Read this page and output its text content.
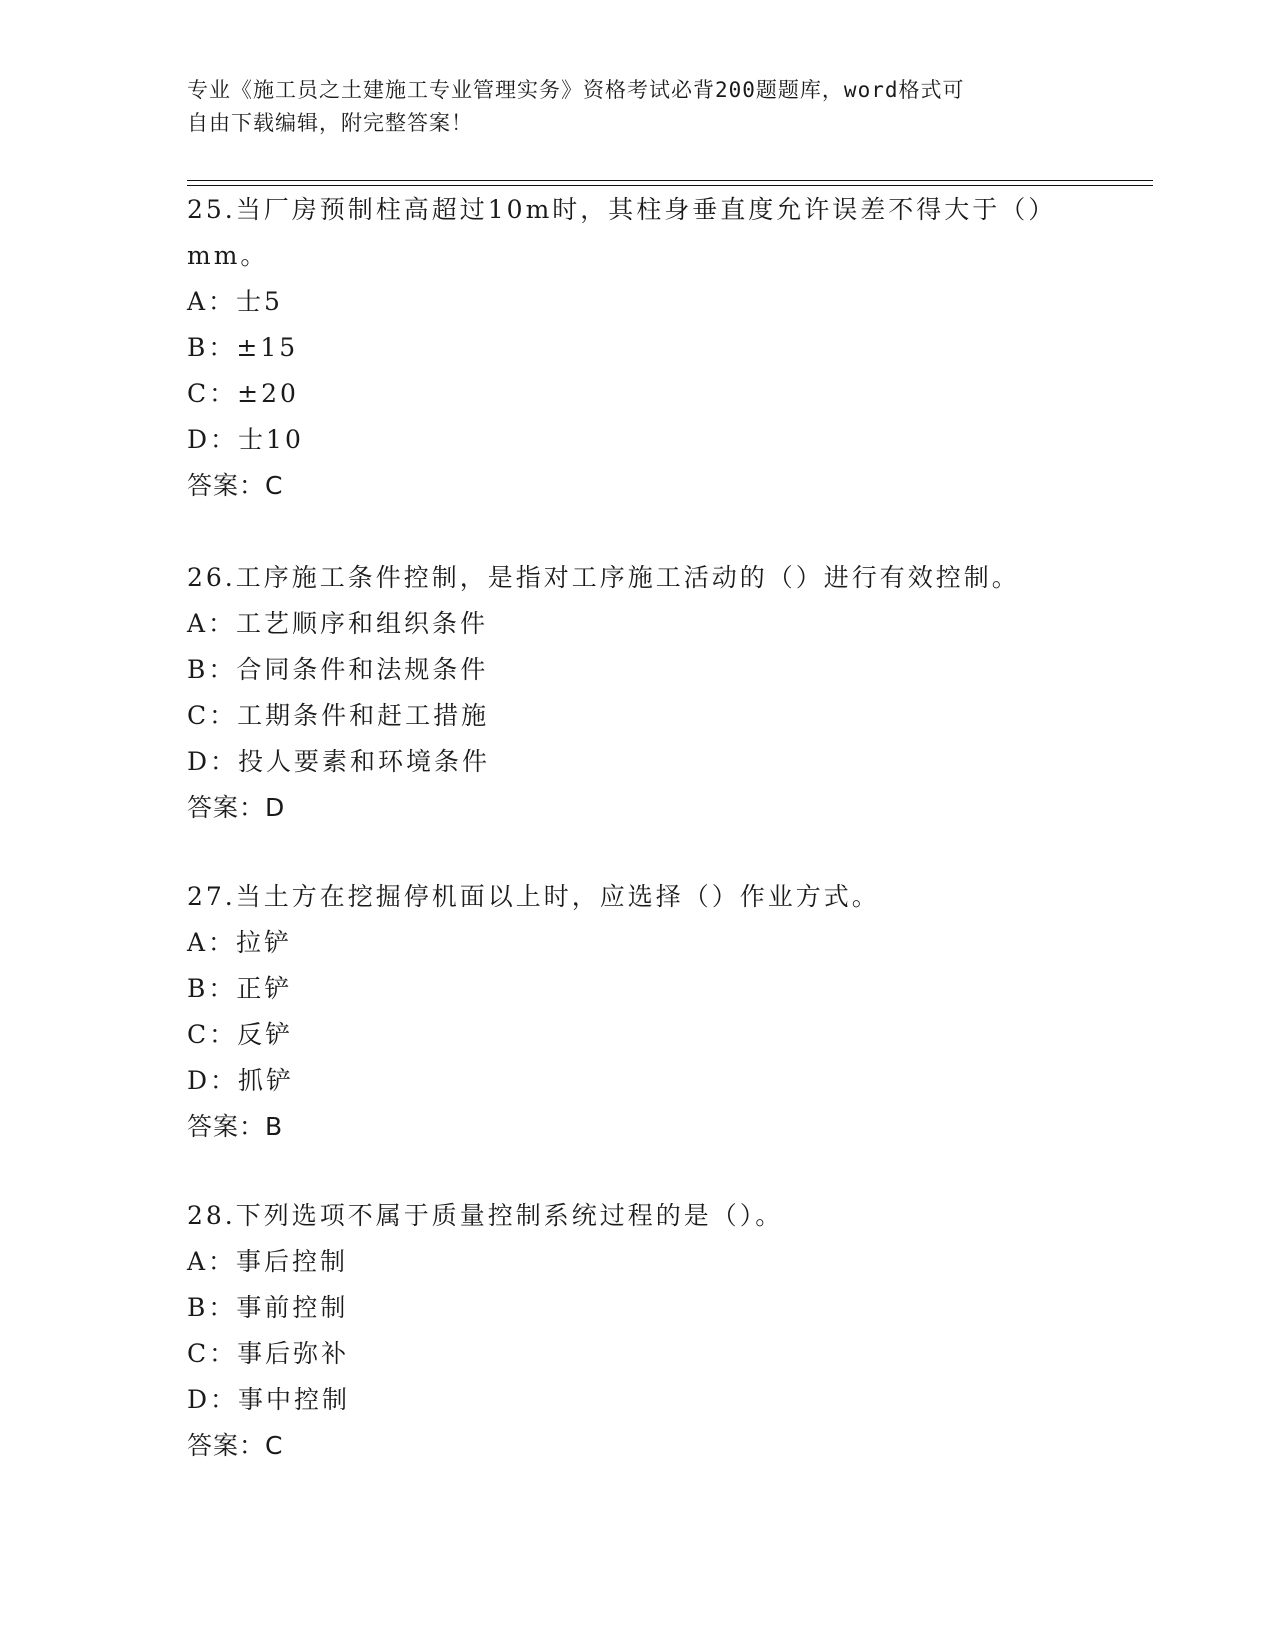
专业《施工员之土建施工专业管理实务》资格考试必背200题题库，word格式可
自由下载编辑，附完整答案！
25.当厂房预制柱高超过10m时，其柱身垂直度允许误差不得大于（）
mm。
A：士5
B：±15
C：±20
D：士10
答案：C
26.工序施工条件控制，是指对工序施工活动的（）进行有效控制。
A：工艺顺序和组织条件
B：合同条件和法规条件
C：工期条件和赶工措施
D：投人要素和环境条件
答案：D
27.当土方在挖掘停机面以上时，应选择（）作业方式。
A：拉铲
B：正铲
C：反铲
D：抓铲
答案：B
28.下列选项不属于质量控制系统过程的是（）。
A：事后控制
B：事前控制
C：事后弥补
D：事中控制
答案：C
